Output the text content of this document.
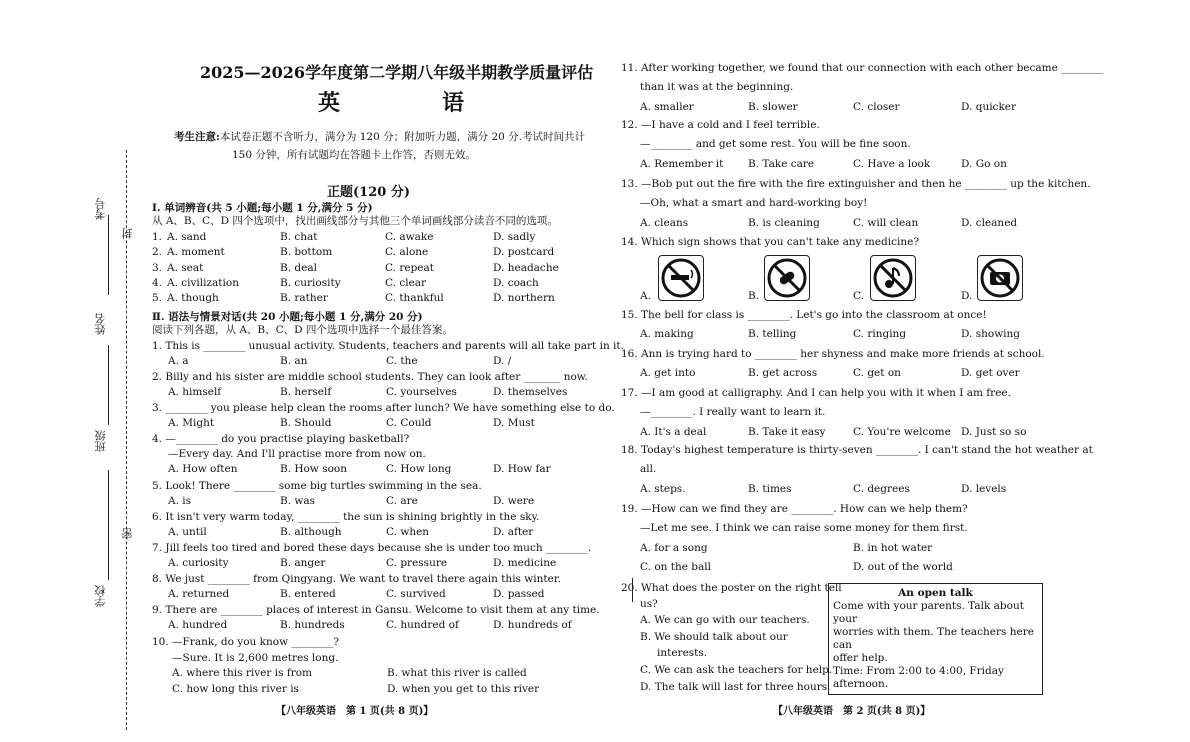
考号
姓名
班级
学校
封
密
2025—2026学年度第二学期八年级半期教学质量评估
英　语
考生注意:本试卷正题不含听力，满分为 120 分；附加听力题，满分 20 分.考试时间共计
150 分钟，所有试题均在答题卡上作答，否则无效。
正题(120 分)
Ⅰ. 单词辨音(共 5 小题;每小题 1 分,满分 5 分)
从 A、B、C、D 四个选项中，找出画线部分与其他三个单词画线部分读音不同的选项。
1. A. sand	B. chat	C. awake	D. sadly
2. A. moment	B. bottom	C. alone	D. postcard
3. A. seat	B. deal	C. repeat	D. headache
4. A. civilization	B. curiosity	C. clear	D. coach
5. A. though	B. rather	C. thankful	D. northern
Ⅱ. 语法与情景对话(共 20 小题;每小题 1 分,满分 20 分)
阅读下列各题，从 A、B、C、D 四个选项中选择一个最佳答案。
1. This is ________ unusual activity. Students, teachers and parents will all take part in it.
A. a	B. an	C. the	D. /
2. Billy and his sister are middle school students. They can look after _______ now.
A. himself	B. herself	C. yourselves	D. themselves
3. ________ you please help clean the rooms after lunch? We have something else to do.
A. Might	B. Should	C. Could	D. Must
4. —________ do you practise playing basketball?
—Every day. And I'll practise more from now on.
A. How often	B. How soon	C. How long	D. How far
5. Look! There ________ some big turtles swimming in the sea.
A. is	B. was	C. are	D. were
6. It isn't very warm today, ________ the sun is shining brightly in the sky.
A. until	B. although	C. when	D. after
7. Jill feels too tired and bored these days because she is under too much ________.
A. curiosity	B. anger	C. pressure	D. medicine
8. We just ________ from Qingyang. We want to travel there again this winter.
A. returned	B. entered	C. survived	D. passed
9. There are ________ places of interest in Gansu. Welcome to visit them at any time.
A. hundred	B. hundreds	C. hundred of	D. hundreds of
10. —Frank, do you know ________?
—Sure. It is 2,600 metres long.
A. where this river is from	B. what this river is called
C. how long this river is	D. when you get to this river
11. After working together, we found that our connection with each other became ________
than it was at the beginning.
A. smaller	B. slower	C. closer	D. quicker
12. —I have a cold and I feel terrible.
—________ and get some rest. You will be fine soon.
A. Remember it B. Take care	C. Have a look	D. Go on
13. —Bob put out the fire with the fire extinguisher and then he ________ up the kitchen.
—Oh, what a smart and hard-working boy!
A. cleans	B. is cleaning	C. will clean	D. cleaned
14. Which sign shows that you can't take any medicine?
A.	B.	C.	D.
15. The bell for class is ________. Let's go into the classroom at once!
A. making	B. telling	C. ringing	D. showing
16. Ann is trying hard to ________ her shyness and make more friends at school.
A. get into	B. get across	C. get on	D. get over
17. —I am good at calligraphy. And I can help you with it when I am free.
—________. I really want to learn it.
A. It's a deal	B. Take it easy	C. You're welcome D. Just so so
18. Today's highest temperature is thirty-seven ________. I can't stand the hot weather at
all.
A. steps.	B. times	C. degrees	D. levels
19. —How can we find they are ________. How can we help them?
—Let me see. I think we can raise some money for them first.
A. for a song	B. in hot water
C. on the ball	D. out of the world
20. What does the poster on the right tell
us?
A. We can go with our teachers.
B. We should talk about our
interests.
C. We can ask the teachers for help.
D. The talk will last for three hours.
An open talk
Come with your parents. Talk about your
worries with them. The teachers here can
offer help.
Time: From 2:00 to 4:00, Friday afternoon.
【八年级英语　第 1 页(共 8 页)】	【八年级英语　第 2 页(共 8 页)】
